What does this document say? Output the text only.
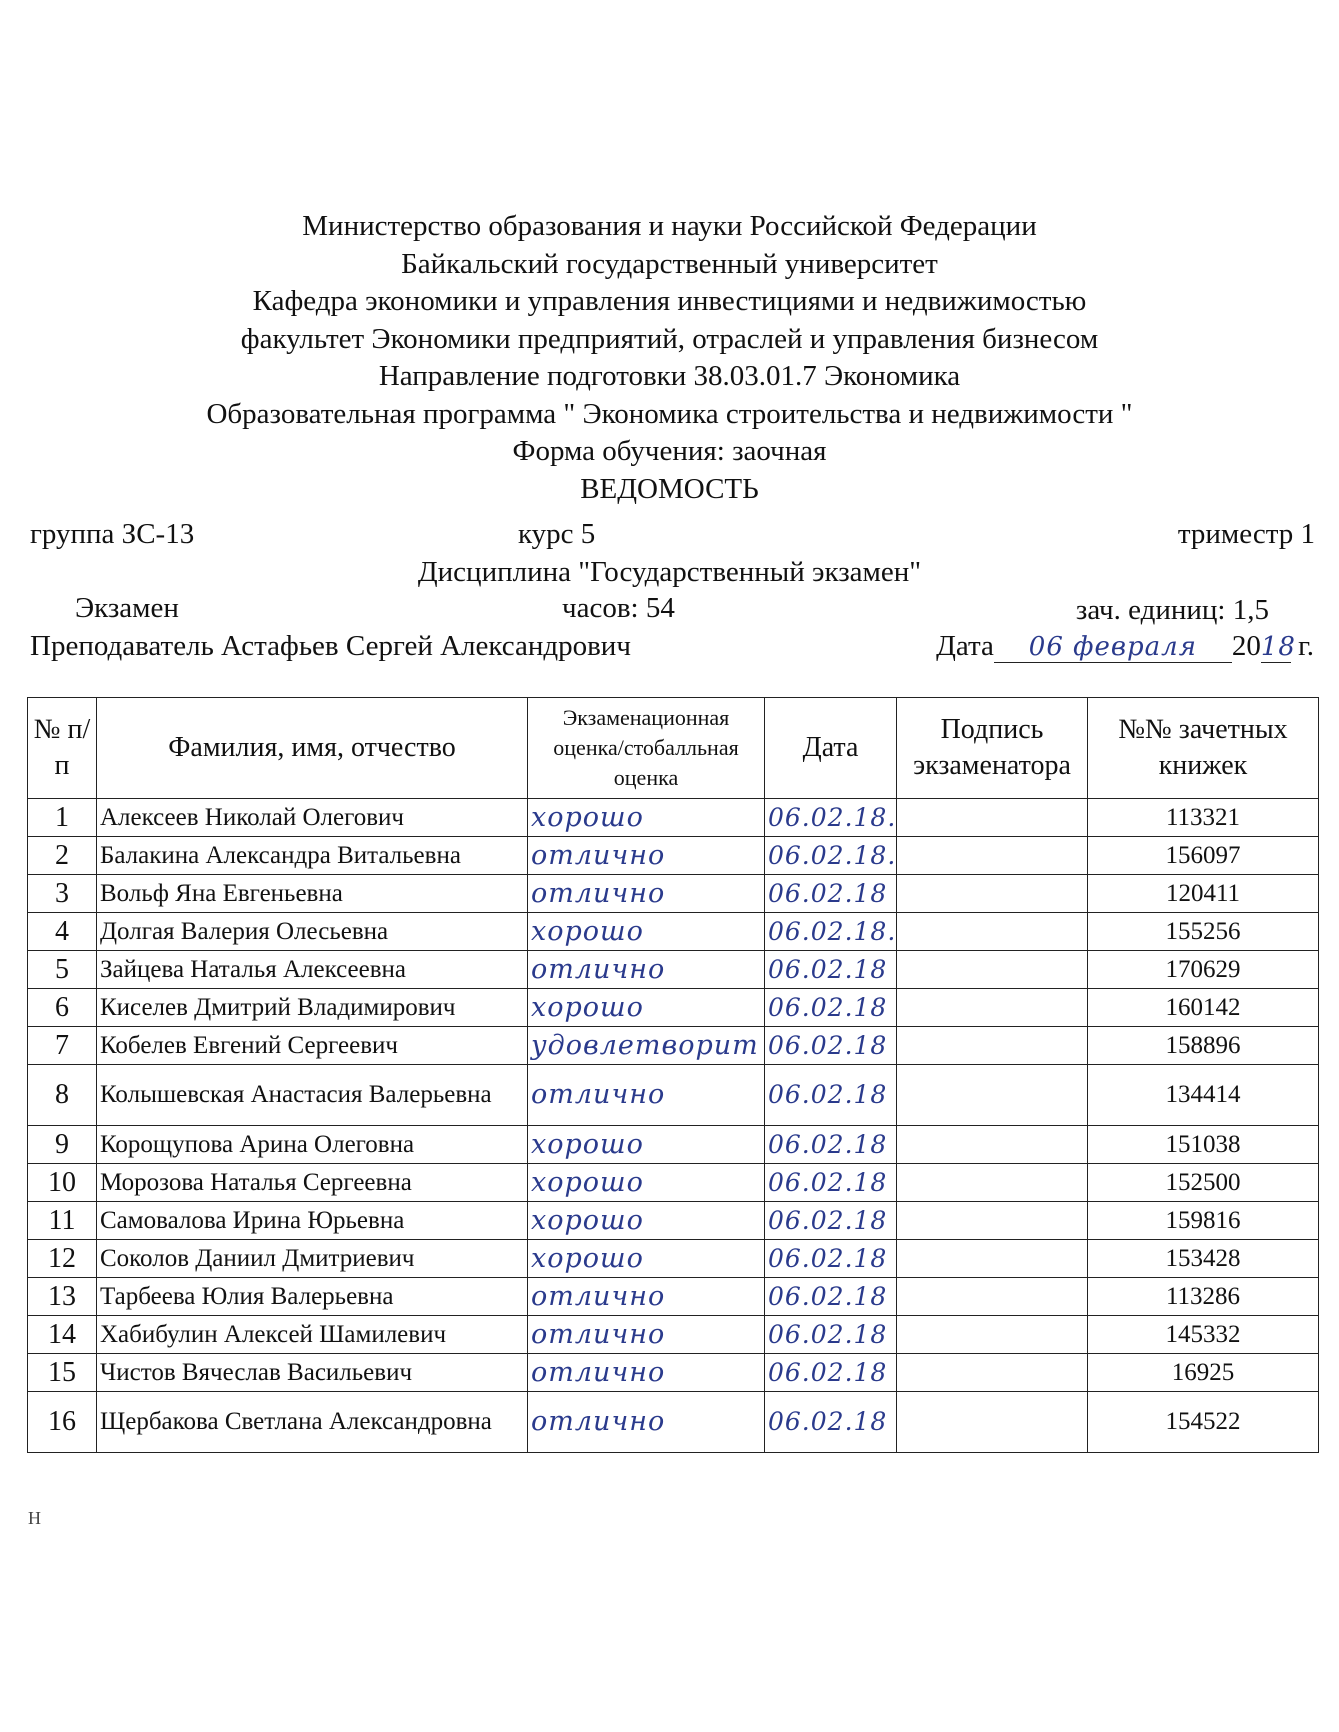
Министерство образования и науки Российской Федерации
Байкальский государственный университет
Кафедра экономики и управления инвестициями и недвижимостью
факультет Экономики предприятий, отраслей и управления бизнесом
Направление подготовки 38.03.01.7 Экономика
Образовательная программа " Экономика строительства и недвижимости "
Форма обучения: заочная
ВЕДОМОСТЬ
группа ЗС-13	курс 5	триместр 1
Дисциплина "Государственный экзамен"
Экзамен	часов: 54	зач. единиц: 1,5
Преподаватель Астафьев Сергей Александрович	Дата 06 февраля 2018 г.
№ п/п	Фамилия, имя, отчество	Экзаменационная оценка/стобалльная оценка	Дата	Подпись экзаменатора	№№ зачетных книжек
1	Алексеев Николай Олегович	хорошо	06.02.18.		113321
2	Балакина Александра Витальевна	отлично	06.02.18.		156097
3	Вольф Яна Евгеньевна	отлично	06.02.18		120411
4	Долгая Валерия Олесьевна	хорошо	06.02.18.		155256
5	Зайцева Наталья Алексеевна	отлично	06.02.18		170629
6	Киселев Дмитрий Владимирович	хорошо	06.02.18		160142
7	Кобелев Евгений Сергеевич	удовлетворит	06.02.18		158896
8	Колышевская Анастасия Валерьевна	отлично	06.02.18		134414
9	Корощупова Арина Олеговна	хорошо	06.02.18		151038
10	Морозова Наталья Сергеевна	хорошо	06.02.18		152500
11	Самовалова Ирина Юрьевна	хорошо	06.02.18		159816
12	Соколов Даниил Дмитриевич	хорошо	06.02.18		153428
13	Тарбеева Юлия Валерьевна	отлично	06.02.18		113286
14	Хабибулин Алексей Шамилевич	отлично	06.02.18		145332
15	Чистов Вячеслав Васильевич	отлично	06.02.18		16925
16	Щербакова Светлана Александровна	отлично	06.02.18		154522
Н
